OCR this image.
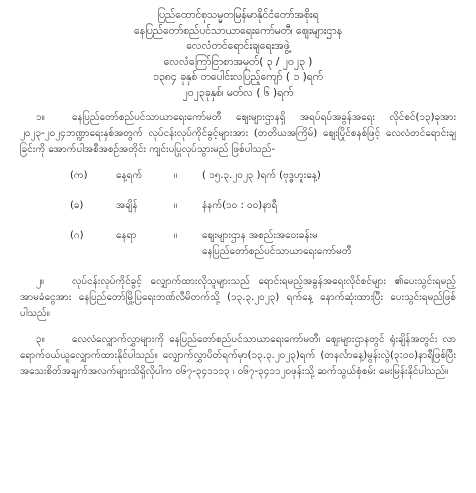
ပြည်ထောင်စုသမ္မတမြန်မာနိုင်ငံတော်အစိုးရ
နေပြည်တော်စည်ပင်သာယာရေးကော်မတီ၊ ဈေးများဌာန
လေလံတင်ရောင်းချရေးအဖွဲ့
လေလံကြော်ငြာစာအမှတ်( ၃ / ၂၀၂၃ )
၁၃၈၄ ခုနှစ် တပေါင်းလပြည့်ကျော် ( ၁ )ရက်
၂၀၂၃ခုနှစ်၊ မတ်လ ( ၆ )ရက်

၁။	နေပြည်တော်စည်ပင်သာယာရေးကော်မတီ ဈေးများဌာနရှိ အရပ်ရပ်အခွန်အရေး လိုင်စင်(၁၃)ခုအား ၂၀၂၃-၂၀၂၄ဘဏ္ဍာရေးနှစ်အတွက် လုပ်ငန်းလုပ်ကိုင်ခွင့်များအား (တတိယအကြိမ်) ဈေးပြိုင်စနစ်ဖြင့် လေလံတင်ရောင်းချခြင်းကို အောက်ပါအစီအစဉ်အတိုင်း ကျင်းပပြုလုပ်သွားမည် ဖြစ်ပါသည်-

(က)	နေ့ရက်	။	( ၁၅.၃.၂၀၂၃ )ရက် (ဗုဒ္ဓဟူးနေ့)
(ခ)	အချိန်	။	နံနက်(၁၀ : ၀၀)နာရီ
(ဂ)	နေရာ	။	ဈေးများဌာန အစည်းအဝေးခန်းမ
နေပြည်တော်စည်ပင်သာယာရေးကော်မတီ

၂။	လုပ်ငန်းလုပ်ကိုင်ခွင့် လျှောက်ထားလိုသူများသည် ရောင်းရမည့်အခွန်အရေးလိုင်စင်များ ၏ပေးသွင်းရမည့်အာမခံငွေအား နေပြည်တော်မြို့ပြရေးဘဏ်လီမိတက်သို့ (၁၃.၃.၂၀၂၃) ရက်နေ့ နောက်ဆုံးထားပြီး ပေးသွင်းရမည်ဖြစ်ပါသည်။

၃။	လေလံလျှောက်လွှာများကို နေပြည်တော်စည်ပင်သာယာရေးကော်မတီ၊ ဈေးများဌာနတွင် ရုံးချိန်အတွင်း လာရောက်ဝယ်ယူလျှောက်ထားနိုင်ပါသည်။ လျှောက်လွှာပိတ်ရက်မှာ(၁၃.၃.၂၀၂၃)ရက် (တနင်္လာနေ့)မွန်းလွဲ(၃:၀၀)နာရီဖြစ်ပြီး အသေးစိတ်အချက်အလက်များသိရှိလိုပါက ၀၆၇-၃၄၁၁၁၃ ၊ ၀၆၇-၃၄၁၁၂၀ဖုန်းသို့ ဆက်သွယ်စုံစမ်း မေးမြန်းနိုင်ပါသည်။
